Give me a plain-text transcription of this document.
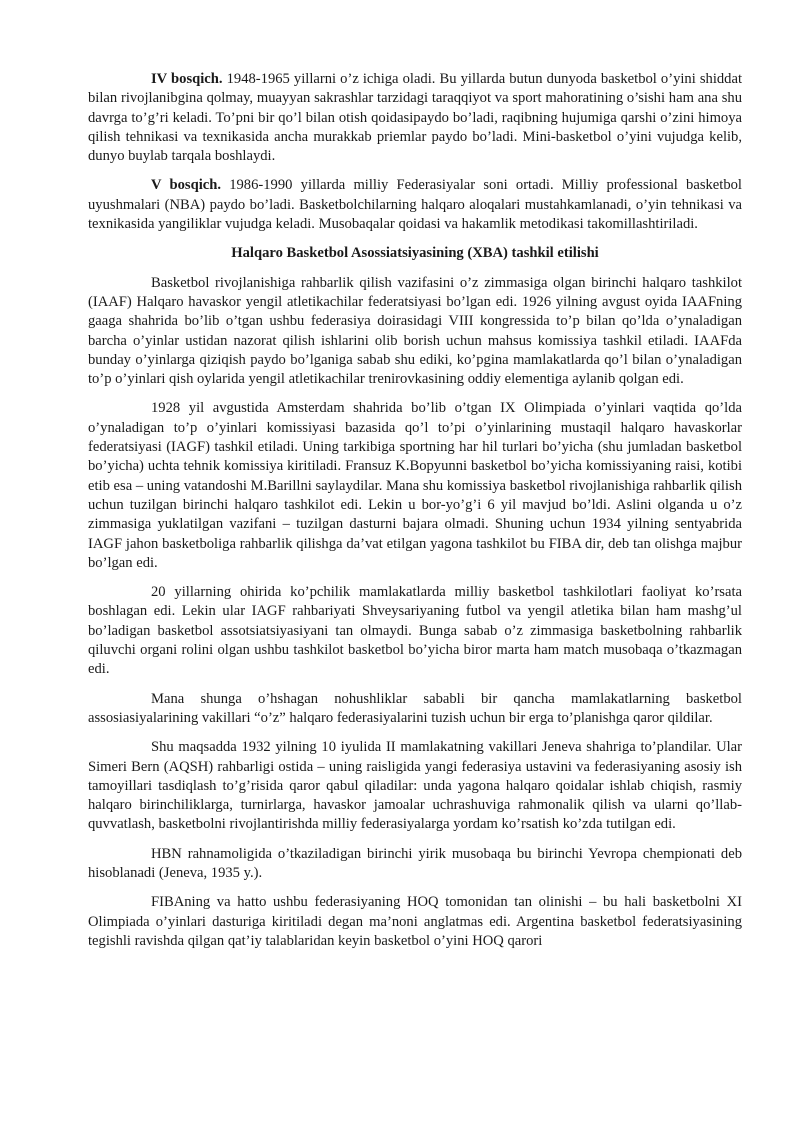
IV bosqich. 1948-1965 yillarni o’z ichiga oladi. Bu yillarda butun dunyoda basketbol o’yini shiddat bilan rivojlanibgina qolmay, muayyan sakrashlar tarzidagi taraqqiyot va sport mahoratining o’sishi ham ana shu davrga to’g’ri keladi. To’pni bir qo’l bilan otish qoidasipaydo bo’ladi, raqibning hujumiga qarshi o’zini himoya qilish tehnikasi va texnikasida ancha murakkab priemlar paydo bo’ladi. Mini-basketbol o’yini vujudga kelib, dunyo buylab tarqala boshlaydi.

V bosqich. 1986-1990 yillarda milliy Federasiyalar soni ortadi. Milliy professional basketbol uyushmalari (NBA) paydo bo’ladi. Basketbolchilarning halqaro aloqalari mustahkamlanadi, o’yin tehnikasi va texnikasida yangiliklar vujudga keladi. Musobaqalar qoidasi va hakamlik metodikasi takomillashtiriladi.

Halqaro Basketbol Asossiatsiyasining (XBA) tashkil etilishi

Basketbol rivojlanishiga rahbarlik qilish vazifasini o’z zimmasiga olgan birinchi halqaro tashkilot (IAAF) Halqaro havaskor yengil atletikachilar federatsiyasi bo’lgan edi. 1926 yilning avgust oyida IAAFning gaaga shahrida bo’lib o’tgan ushbu federasiya doirasidagi VIII kongressida to’p bilan qo’lda o’ynaladigan barcha o’yinlar ustidan nazorat qilish ishlarini olib borish uchun mahsus komissiya tashkil etiladi. IAAFda bunday o’yinlarga qiziqish paydo bo’lganiga sabab shu ediki, ko’pgina mamlakatlarda qo’l bilan o’ynaladigan to’p o’yinlari qish oylarida yengil atletikachilar trenirovkasining oddiy elementiga aylanib qolgan edi.

1928 yil avgustida Amsterdam shahrida bo’lib o’tgan IX Olimpiada o’yinlari vaqtida qo’lda o’ynaladigan to’p o’yinlari komissiyasi bazasida qo’l to’pi o’yinlarining mustaqil halqaro havaskorlar federatsiyasi (IAGF) tashkil etiladi. Uning tarkibiga sportning har hil turlari bo’yicha (shu jumladan basketbol bo’yicha) uchta tehnik komissiya kiritiladi. Fransuz K.Bopyunni basketbol bo’yicha komissiyaning raisi, kotibi etib esa – uning vatandoshi M.Barillni saylaydilar. Mana shu komissiya basketbol rivojlanishiga rahbarlik qilish uchun tuzilgan birinchi halqaro tashkilot edi. Lekin u bor-yo’g’i 6 yil mavjud bo’ldi. Aslini olganda u o’z zimmasiga yuklatilgan vazifani – tuzilgan dasturni bajara olmadi. Shuning uchun 1934 yilning sentyabrida IAGF jahon basketboliga rahbarlik qilishga da’vat etilgan yagona tashkilot bu FIBA dir, deb tan olishga majbur bo’lgan edi.

20 yillarning ohirida ko’pchilik mamlakatlarda milliy basketbol tashkilotlari faoliyat ko’rsata boshlagan edi. Lekin ular IAGF rahbariyati Shveysariyaning futbol va yengil atletika bilan ham mashg’ul bo’ladigan basketbol assotsiatsiyasiyani tan olmaydi. Bunga sabab o’z zimmasiga basketbolning rahbarlik qiluvchi organi rolini olgan ushbu tashkilot basketbol bo’yicha biror marta ham match musobaqa o’tkazmagan edi.

Mana shunga o’hshagan nohushliklar sababli bir qancha mamlakatlarning basketbol assosiasiyalarining vakillari “o’z” halqaro federasiyalarini tuzish uchun bir erga to’planishga qaror qildilar.

Shu maqsadda 1932 yilning 10 iyulida II mamlakatning vakillari Jeneva shahriga to’plandilar. Ular Simeri Bern (AQSH) rahbarligi ostida – uning raisligida yangi federasiya ustavini va federasiyaning asosiy ish tamoyillari tasdiqlash to’g’risida qaror qabul qiladilar: unda yagona halqaro qoidalar ishlab chiqish, rasmiy halqaro birinchiliklarga, turnirlarga, havaskor jamoalar uchrashuviga rahmonalik qilish va ularni qo’llab-quvvatlash, basketbolni rivojlantirishda milliy federasiyalarga yordam ko’rsatish ko’zda tutilgan edi.

HBN rahnamoligida o’tkaziladigan birinchi yirik musobaqa bu birinchi Yevropa chempionati deb hisoblanadi (Jeneva, 1935 y.).

FIBAning va hatto ushbu federasiyaning HOQ tomonidan tan olinishi – bu hali basketbolni XI Olimpiada o’yinlari dasturiga kiritiladi degan ma’noni anglatmas edi. Argentina basketbol federatsiyasining tegishli ravishda qilgan qat’iy talablaridan keyin basketbol o’yini HOQ qarori
